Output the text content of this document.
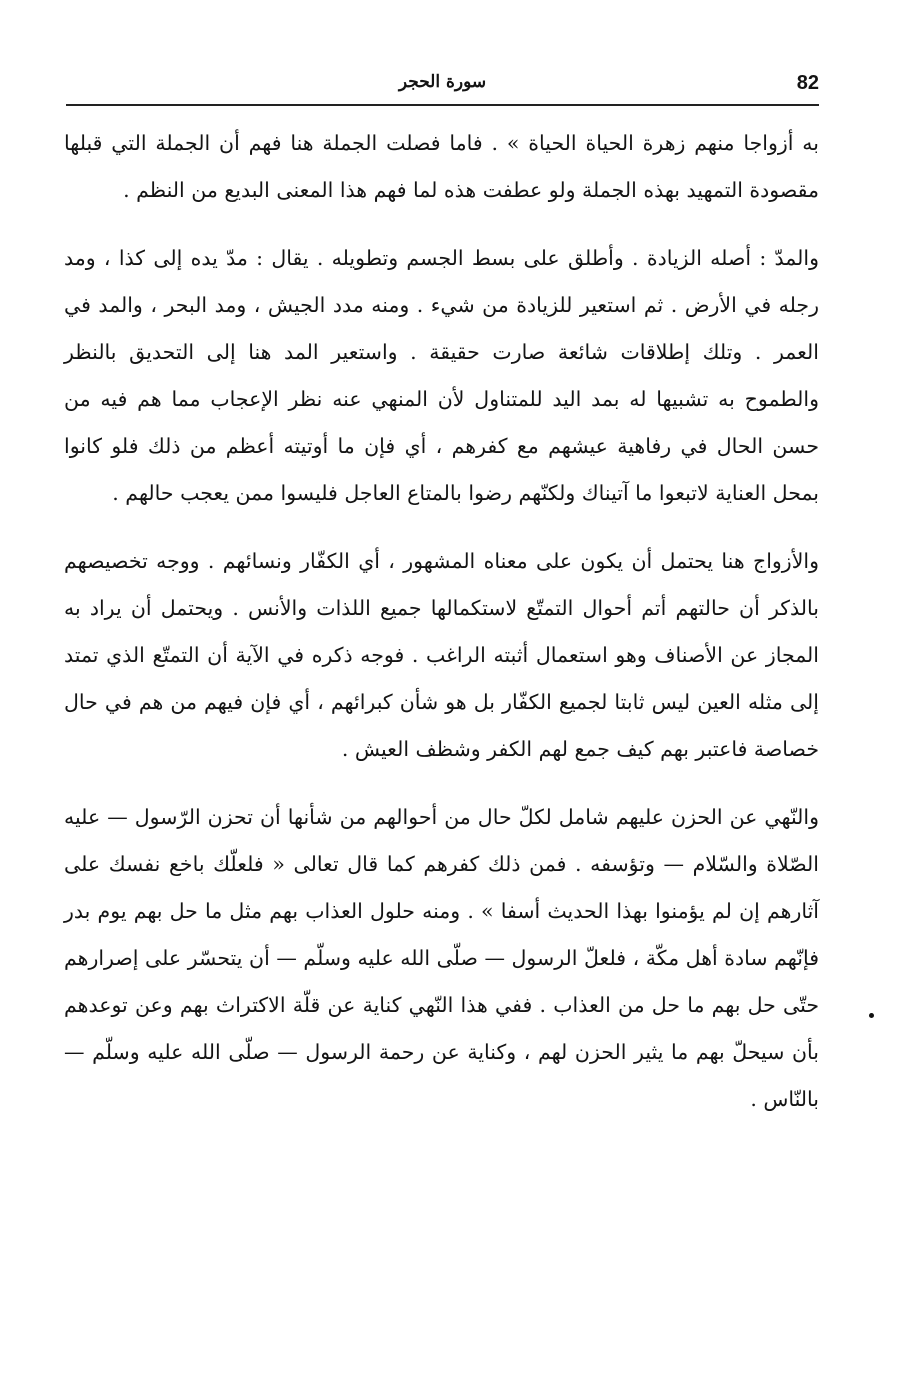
سورة الحجر	82

به أزواجا منهم زهرة الحياة الحياة » . فاما فصلت الجملة هنا فهم أن الجملة التي قبلها مقصودة التمهيد بهذه الجملة ولو عطفت هذه لما فهم هذا المعنى البديع من النظم .

والمدّ : أصله الزيادة . وأطلق على بسط الجسم وتطويله . يقال : مدّ يده إلى كذا ، ومد رجله في الأرض . ثم استعير للزيادة من شيء . ومنه مدد الجيش ، ومد البحر ، والمد في العمر . وتلك إطلاقات شائعة صارت حقيقة . واستعير المد هنا إلى التحديق بالنظر والطموح به تشبيها له بمد اليد للمتناول لأن المنهي عنه نظر الإعجاب مما هم فيه من حسن الحال في رفاهية عيشهم مع كفرهم ، أي فإن ما أوتيته أعظم من ذلك فلو كانوا بمحل العناية لاتبعوا ما آتيناك ولكنّهم رضوا بالمتاع العاجل فليسوا ممن يعجب حالهم .

والأزواج هنا يحتمل أن يكون على معناه المشهور ، أي الكفّار ونسائهم . ووجه تخصيصهم بالذكر أن حالتهم أتم أحوال التمتّع لاستكمالها جميع اللذات والأنس . ويحتمل أن يراد به المجاز عن الأصناف وهو استعمال أثبته الراغب . فوجه ذكره في الآية أن التمتّع الذي تمتد إلى مثله العين ليس ثابتا لجميع الكفّار بل هو شأن كبرائهم ، أي فإن فيهم من هم في حال خصاصة فاعتبر بهم كيف جمع لهم الكفر وشظف العيش .

والنّهي عن الحزن عليهم شامل لكلّ حال من أحوالهم من شأنها أن تحزن الرّسول — عليه الصّلاة والسّلام — وتؤسفه . فمن ذلك كفرهم كما قال تعالى « فلعلّك باخع نفسك على آثارهم إن لم يؤمنوا بهذا الحديث أسفا » . ومنه حلول العذاب بهم مثل ما حل بهم يوم بدر فإنّهم سادة أهل مكّة ، فلعلّ الرسول — صلّى الله عليه وسلّم — أن يتحسّر على إصرارهم حتّى حل بهم ما حل من العذاب . ففي هذا النّهي كناية عن قلّة الاكتراث بهم وعن توعدهم بأن سيحلّ بهم ما يثير الحزن لهم ، وكناية عن رحمة الرسول — صلّى الله عليه وسلّم — بالنّاس .
